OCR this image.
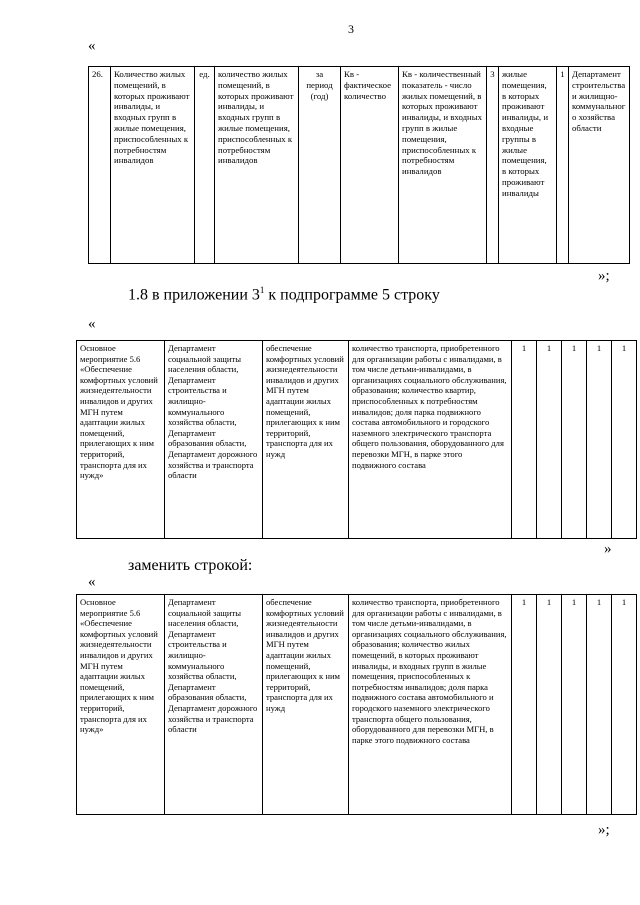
3
«
26.	Количество жилых помещений, в которых проживают инвалиды, и входных групп в жилые помещения, приспособленных к потребностям инвалидов	ед.	количество жилых помещений, в которых проживают инвалиды, и входных групп в жилые помещения, приспособленных к потребностям инвалидов	за период (год)	Кв - фактическое количество	Кв - количественный показатель - число жилых помещений, в которых проживают инвалиды, и входных групп в жилые помещения, приспособленных к потребностям инвалидов	3	жилые помещения, в которых проживают инвалиды, и входные группы в жилые помещения, в которых проживают инвалиды	1	Департамент строительства и жилищно-коммунального хозяйства области
»;
1.8 в приложении $3^1$ к подпрограмме 5 строку
«
Основное мероприятие 5.6 «Обеспечение комфортных условий жизнедеятельности инвалидов и других МГН путем адаптации жилых помещений, прилегающих к ним территорий, транспорта для их нужд»	Департамент социальной защиты населения области, Департамент строительства и жилищно-коммунального хозяйства области, Департамент образования области, Департамент дорожного хозяйства и транспорта области	обеспечение комфортных условий жизнедеятельности инвалидов и других МГН путем адаптации жилых помещений, прилегающих к ним территорий, транспорта для их нужд	количество транспорта, приобретенного для организации работы с инвалидами, в том числе детьми-инвалидами, в организациях социального обслуживания, образования; количество квартир, приспособленных к потребностям инвалидов; доля парка подвижного состава автомобильного и городского наземного электрического транспорта общего пользования, оборудованного для перевозки МГН, в парке этого подвижного состава	1	1	1	1	1
»
заменить строкой:
«
Основное мероприятие 5.6 «Обеспечение комфортных условий жизнедеятельности инвалидов и других МГН путем адаптации жилых помещений, прилегающих к ним территорий, транспорта для их нужд»	Департамент социальной защиты населения области, Департамент строительства и жилищно-коммунального хозяйства области, Департамент образования области, Департамент дорожного хозяйства и транспорта области	обеспечение комфортных условий жизнедеятельности инвалидов и других МГН путем адаптации жилых помещений, прилегающих к ним территорий, транспорта для их нужд	количество транспорта, приобретенного для организации работы с инвалидами, в том числе детьми-инвалидами, в организациях социального обслуживания, образования; количество жилых помещений, в которых проживают инвалиды, и входных групп в жилые помещения, приспособленных к потребностям инвалидов; доля парка подвижного состава автомобильного и городского наземного электрического транспорта общего пользования, оборудованного для перевозки МГН, в парке этого подвижного состава	1	1	1	1	1
»;
